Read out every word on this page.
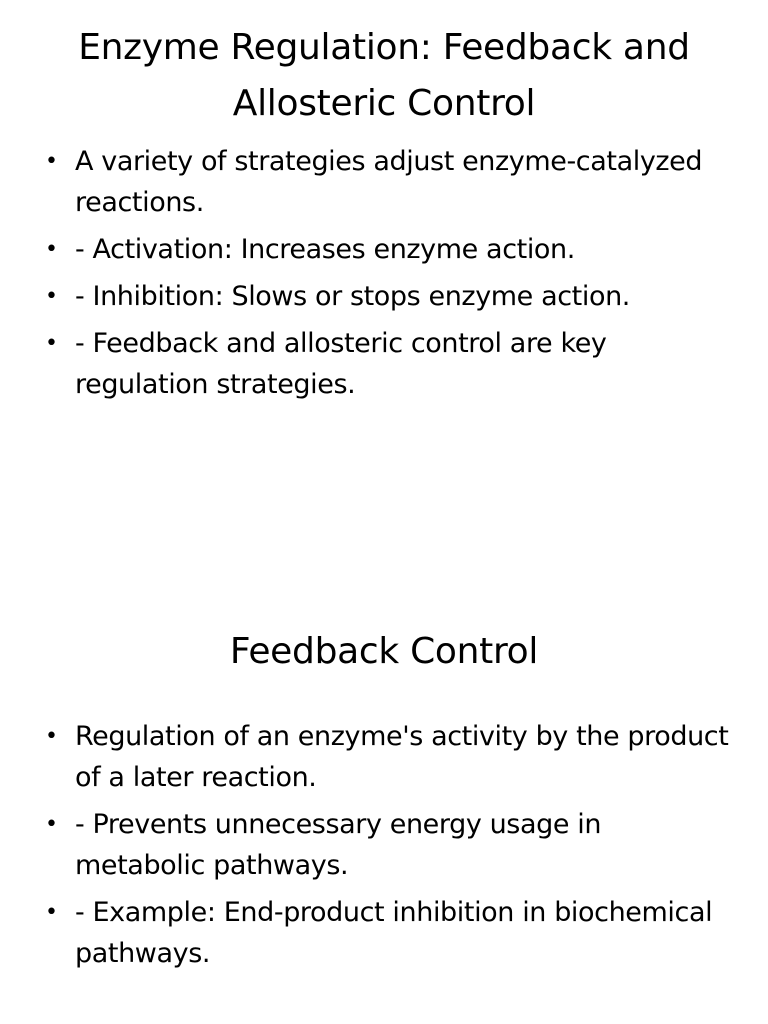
Enzyme Regulation: Feedback and Allosteric Control
• A variety of strategies adjust enzyme-catalyzed reactions.
• - Activation: Increases enzyme action.
• - Inhibition: Slows or stops enzyme action.
• - Feedback and allosteric control are key regulation strategies.
Feedback Control
• Regulation of an enzyme's activity by the product of a later reaction.
• - Prevents unnecessary energy usage in metabolic pathways.
• - Example: End-product inhibition in biochemical pathways.
